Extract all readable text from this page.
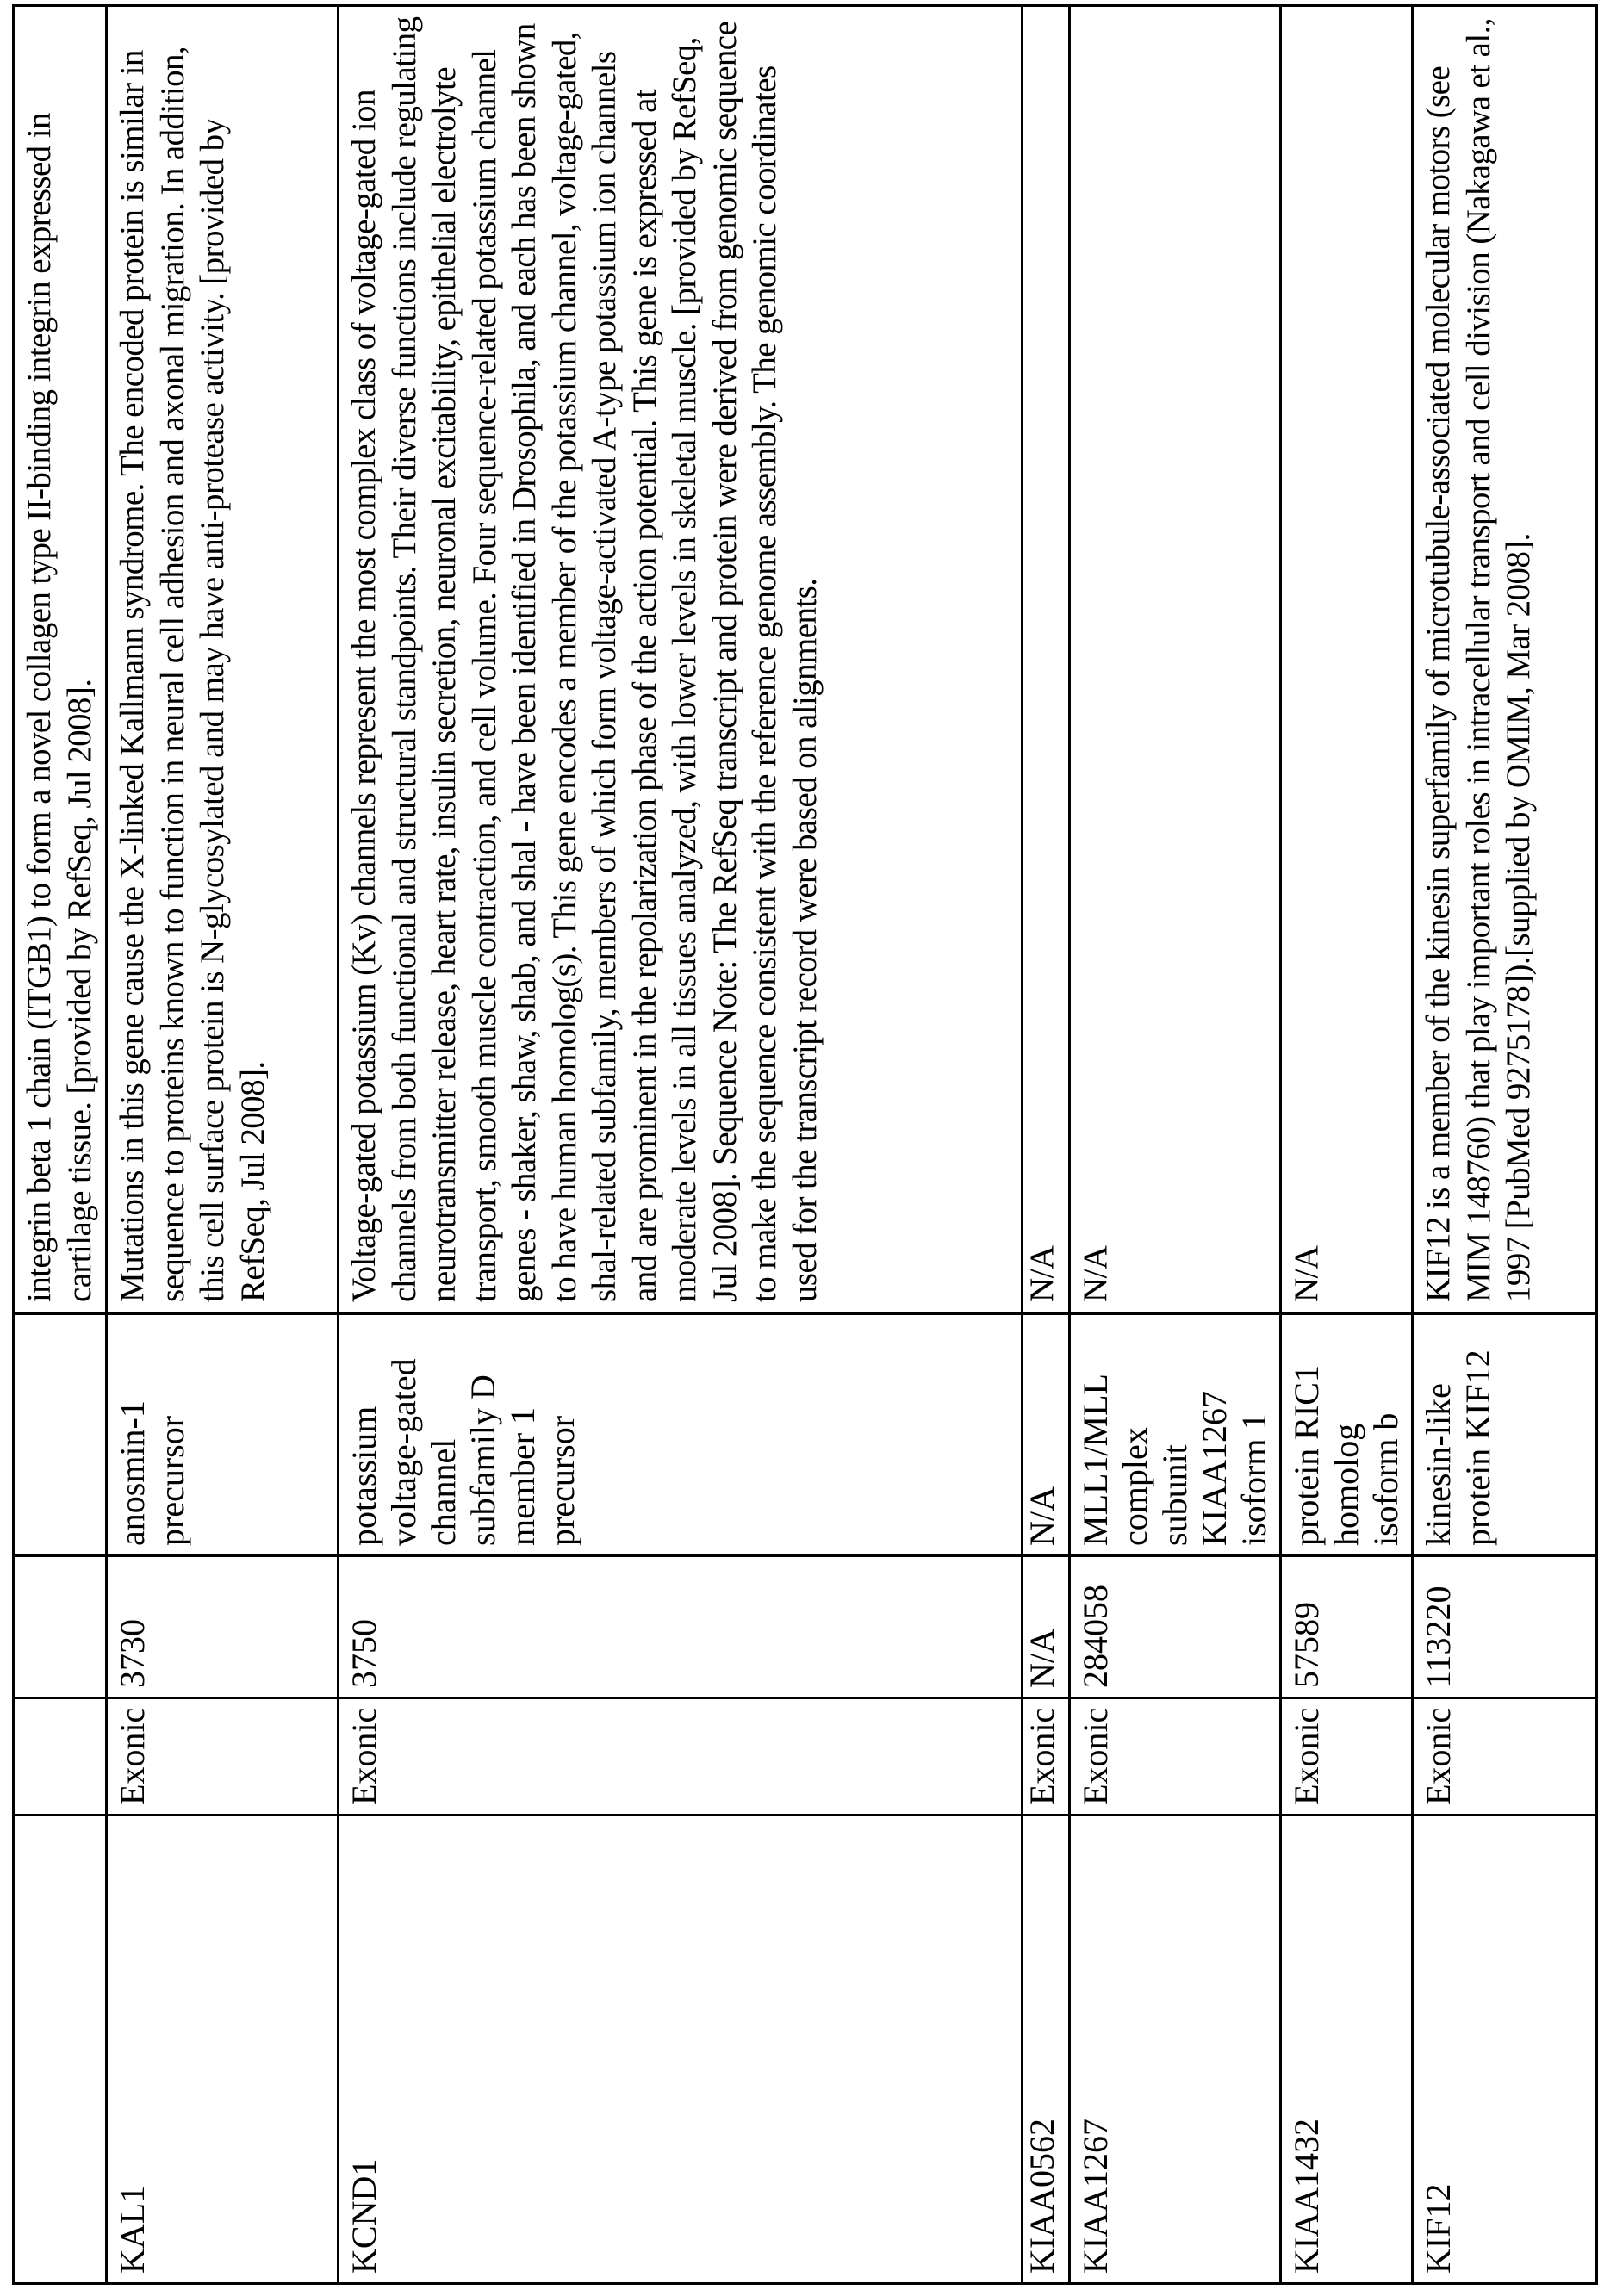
				integrin beta 1 chain (ITGB1) to form a novel collagen type II-binding integrin expressed in cartilage tissue. [provided by RefSeq, Jul 2008].
KAL1	Exonic	3730	anosmin-1 precursor	Mutations in this gene cause the X-linked Kallmann syndrome. The encoded protein is similar in sequence to proteins known to function in neural cell adhesion and axonal migration. In addition, this cell surface protein is N-glycosylated and may have anti-protease activity. [provided by RefSeq, Jul 2008].
KCND1	Exonic	3750	potassium voltage-gated channel subfamily D member 1 precursor	Voltage-gated potassium (Kv) channels represent the most complex class of voltage-gated ion channels from both functional and structural standpoints. Their diverse functions include regulating neurotransmitter release, heart rate, insulin secretion, neuronal excitability, epithelial electrolyte transport, smooth muscle contraction, and cell volume. Four sequence-related potassium channel genes - shaker, shaw, shab, and shal - have been identified in Drosophila, and each has been shown to have human homolog(s). This gene encodes a member of the potassium channel, voltage-gated, shal-related subfamily, members of which form voltage-activated A-type potassium ion channels and are prominent in the repolarization phase of the action potential. This gene is expressed at moderate levels in all tissues analyzed, with lower levels in skeletal muscle. [provided by RefSeq, Jul 2008]. Sequence Note: The RefSeq transcript and protein were derived from genomic sequence to make the sequence consistent with the reference genome assembly. The genomic coordinates used for the transcript record were based on alignments.
KIAA0562	Exonic	N/A	N/A	N/A
KIAA1267	Exonic	284058	MLL1/MLL complex subunit KIAA1267 isoform 1	N/A
KIAA1432	Exonic	57589	protein RIC1 homolog isoform b	N/A
KIF12	Exonic	113220	kinesin-like protein KIF12	KIF12 is a member of the kinesin superfamily of microtubule-associated molecular motors (see MIM 148760) that play important roles in intracellular transport and cell division (Nakagawa et al., 1997 [PubMed 9275178]).[supplied by OMIM, Mar 2008].
